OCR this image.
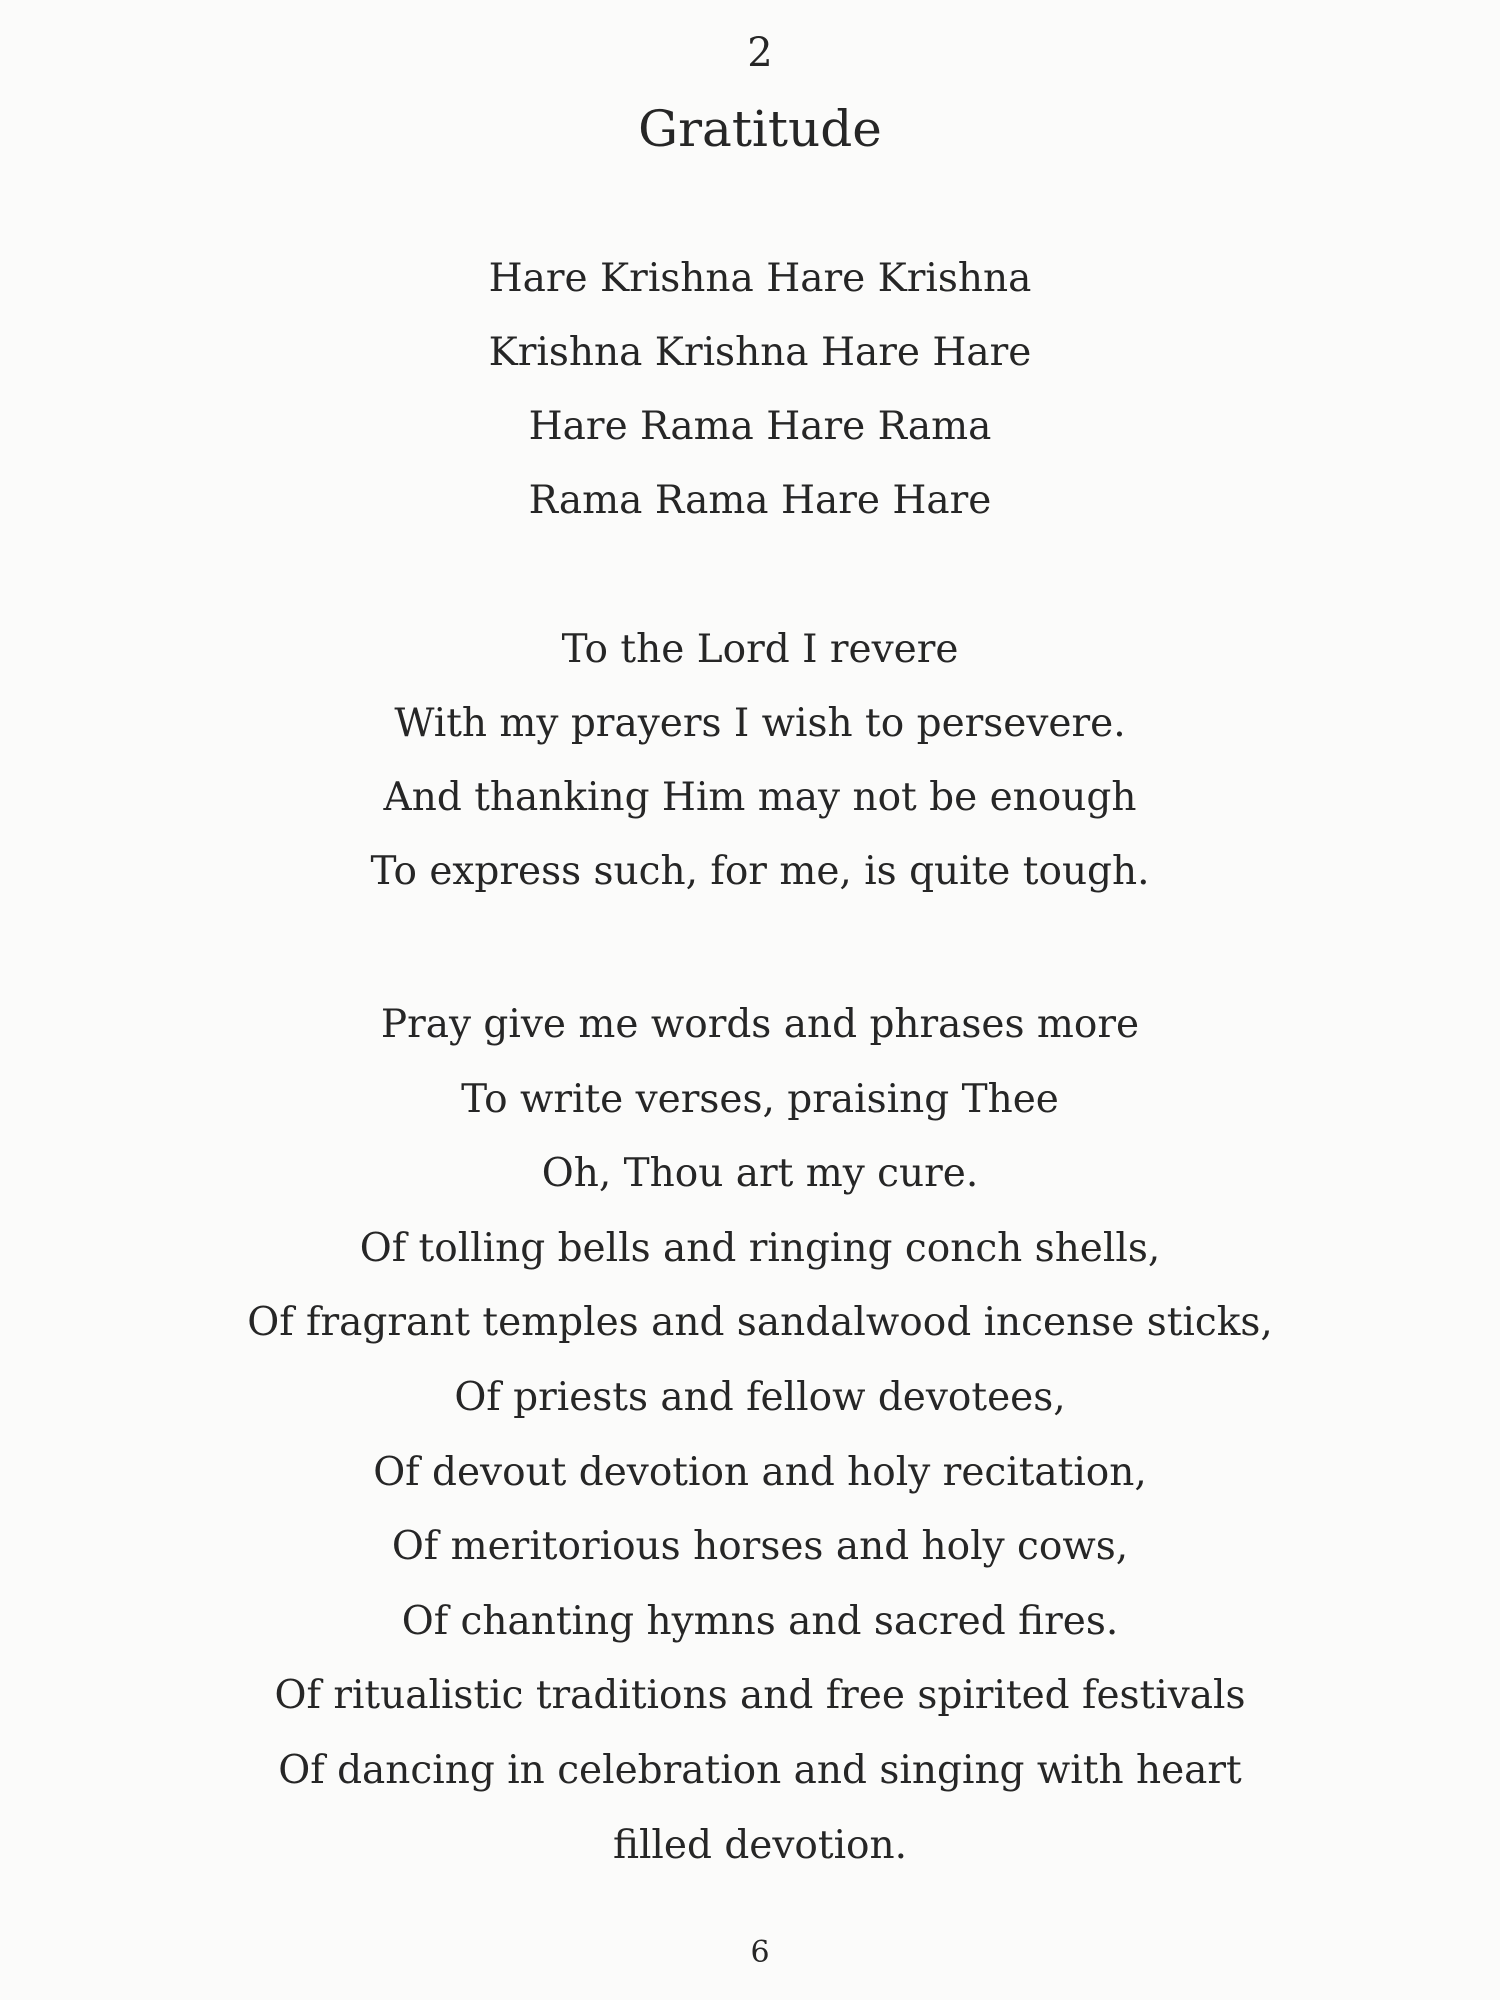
2
Gratitude
Hare Krishna Hare Krishna
Krishna Krishna Hare Hare
Hare Rama Hare Rama
Rama Rama Hare Hare
To the Lord I revere
With my prayers I wish to persevere.
And thanking Him may not be enough
To express such, for me, is quite tough.
Pray give me words and phrases more
To write verses, praising Thee
Oh, Thou art my cure.
Of tolling bells and ringing conch shells,
Of fragrant temples and sandalwood incense sticks,
Of priests and fellow devotees,
Of devout devotion and holy recitation,
Of meritorious horses and holy cows,
Of chanting hymns and sacred fires.
Of ritualistic traditions and free spirited festivals
Of dancing in celebration and singing with heart
filled devotion.
6
